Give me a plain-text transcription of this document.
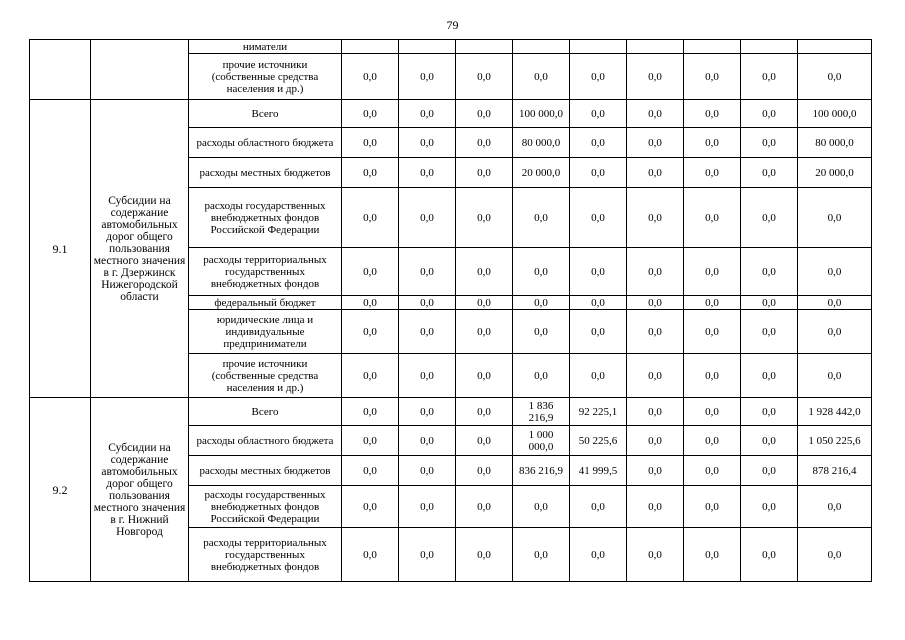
79
		ниматели									
		прочие источники (собственные средства населения и др.)	0,0	0,0	0,0	0,0	0,0	0,0	0,0	0,0	0,0
9.1	Субсидии на содержание автомобильных дорог общего пользования местного значения в г. Дзержинск Нижегородской области	Всего	0,0	0,0	0,0	100 000,0	0,0	0,0	0,0	0,0	100 000,0
		расходы областного бюджета	0,0	0,0	0,0	80 000,0	0,0	0,0	0,0	0,0	80 000,0
		расходы местных бюджетов	0,0	0,0	0,0	20 000,0	0,0	0,0	0,0	0,0	20 000,0
		расходы государственных внебюджетных фондов Российской Федерации	0,0	0,0	0,0	0,0	0,0	0,0	0,0	0,0	0,0
		расходы территориальных государственных внебюджетных фондов	0,0	0,0	0,0	0,0	0,0	0,0	0,0	0,0	0,0
		федеральный бюджет	0,0	0,0	0,0	0,0	0,0	0,0	0,0	0,0	0,0
		юридические лица и индивидуальные предприниматели	0,0	0,0	0,0	0,0	0,0	0,0	0,0	0,0	0,0
		прочие источники (собственные средства населения и др.)	0,0	0,0	0,0	0,0	0,0	0,0	0,0	0,0	0,0
9.2	Субсидии на содержание автомобильных дорог общего пользования местного значения в г. Нижний Новгород	Всего	0,0	0,0	0,0	1 836 216,9	92 225,1	0,0	0,0	0,0	1 928 442,0
		расходы областного бюджета	0,0	0,0	0,0	1 000 000,0	50 225,6	0,0	0,0	0,0	1 050 225,6
		расходы местных бюджетов	0,0	0,0	0,0	836 216,9	41 999,5	0,0	0,0	0,0	878 216,4
		расходы государственных внебюджетных фондов Российской Федерации	0,0	0,0	0,0	0,0	0,0	0,0	0,0	0,0	0,0
		расходы территориальных государственных внебюджетных фондов	0,0	0,0	0,0	0,0	0,0	0,0	0,0	0,0	0,0
